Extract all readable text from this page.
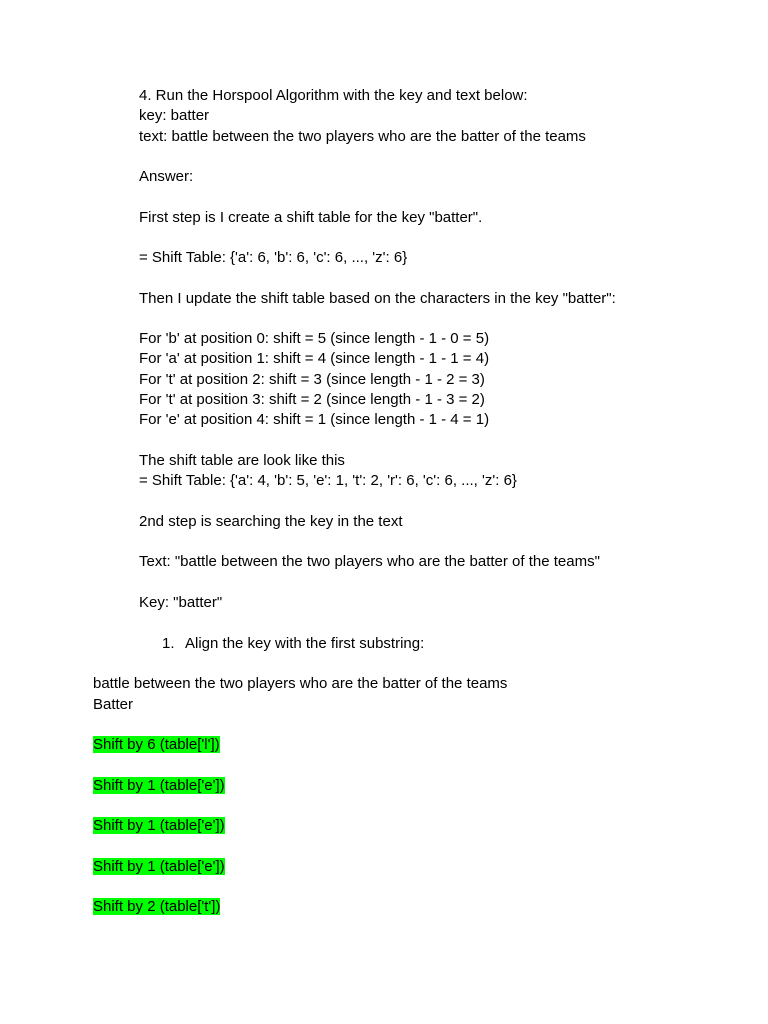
4. Run the Horspool Algorithm with the key and text below:
key: batter
text: battle between the two players who are the batter of the teams
Answer:
First step is I create a shift table for the key "batter".
= Shift Table: {'a': 6, 'b': 6, 'c': 6, ..., 'z': 6}
Then I update the shift table based on the characters in the key "batter":
For 'b' at position 0: shift = 5 (since length - 1 - 0 = 5)
For 'a' at position 1: shift = 4 (since length - 1 - 1 = 4)
For 't' at position 2: shift = 3 (since length - 1 - 2 = 3)
For 't' at position 3: shift = 2 (since length - 1 - 3 = 2)
For 'e' at position 4: shift = 1 (since length - 1 - 4 = 1)
The shift table are look like this
= Shift Table: {'a': 4, 'b': 5, 'e': 1, 't': 2, 'r': 6, 'c': 6, ..., 'z': 6}
2nd step is searching the key in the text
Text: "battle between the two players who are the batter of the teams"
Key: "batter"
1. Align the key with the first substring:
battle between the two players who are the batter of the teams
Batter
Shift by 6 (table['l'])
Shift by 1 (table['e'])
Shift by 1 (table['e'])
Shift by 1 (table['e'])
Shift by 2 (table['t'])
